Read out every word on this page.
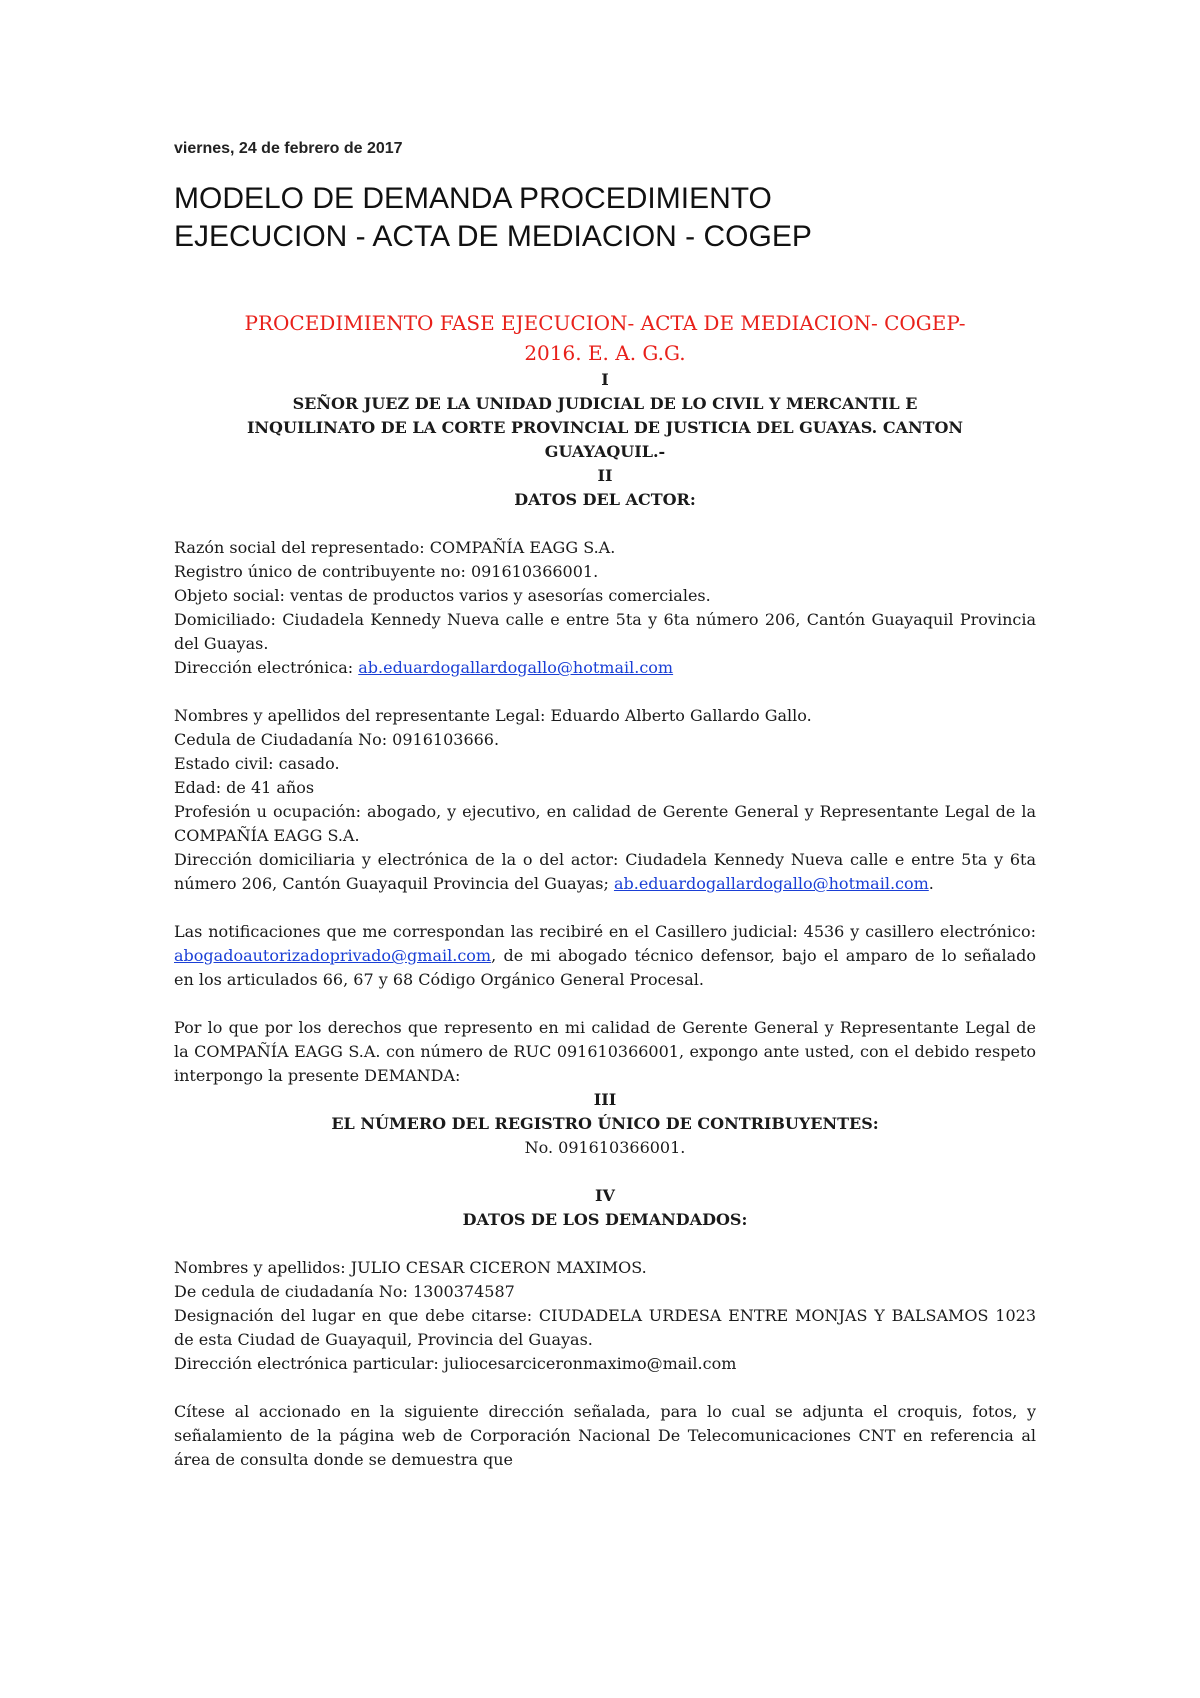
viernes, 24 de febrero de 2017
MODELO DE DEMANDA PROCEDIMIENTO
EJECUCION - ACTA DE MEDIACION - COGEP

PROCEDIMIENTO FASE EJECUCION- ACTA DE MEDIACION- COGEP-

2016. E. A. G.G.

I

SEÑOR JUEZ DE LA UNIDAD JUDICIAL DE LO CIVIL Y MERCANTIL E

INQUILINATO DE LA CORTE PROVINCIAL DE JUSTICIA DEL GUAYAS. CANTON

GUAYAQUIL.-

II

DATOS DEL ACTOR:

Razón social del representado: COMPAÑÍA EAGG S.A.

Registro único de contribuyente no: 091610366001.

Objeto social: ventas de productos varios y asesorías comerciales.

Domiciliado: Ciudadela Kennedy Nueva calle e entre 5ta y 6ta número 206, Cantón Guayaquil Provincia del Guayas.

Dirección electrónica: ab.eduardogallardogallo@hotmail.com

Nombres y apellidos del representante Legal: Eduardo Alberto Gallardo Gallo.

Cedula de Ciudadanía No: 0916103666.

Estado civil: casado.

Edad: de 41 años

Profesión u ocupación: abogado, y ejecutivo, en calidad de Gerente General y Representante Legal de la COMPAÑÍA EAGG S.A.

Dirección domiciliaria y electrónica de la o del actor: Ciudadela Kennedy Nueva calle e entre 5ta y 6ta número 206, Cantón Guayaquil Provincia del Guayas; ab.eduardogallardogallo@hotmail.com.

Las notificaciones que me correspondan las recibiré en el Casillero judicial: 4536 y casillero electrónico: abogadoautorizadoprivado@gmail.com, de mi abogado técnico defensor, bajo el amparo de lo señalado en los articulados 66, 67 y 68 Código Orgánico General Procesal.

Por lo que por los derechos que represento en mi calidad de Gerente General y Representante Legal de la COMPAÑÍA EAGG S.A. con número de RUC 091610366001, expongo ante usted, con el debido respeto interpongo la presente DEMANDA:

III

EL NÚMERO DEL REGISTRO ÚNICO DE CONTRIBUYENTES:

No. 091610366001.

IV

DATOS DE LOS DEMANDADOS:

Nombres y apellidos: JULIO CESAR CICERON MAXIMOS.

De cedula de ciudadanía No: 1300374587

Designación del lugar en que debe citarse: CIUDADELA URDESA ENTRE MONJAS Y BALSAMOS 1023 de esta Ciudad de Guayaquil, Provincia del Guayas.

Dirección electrónica particular: juliocesarciceronmaximo@mail.com

Cítese al accionado en la siguiente dirección señalada, para lo cual se adjunta el croquis, fotos, y señalamiento de la página web de Corporación Nacional De Telecomunicaciones CNT en referencia al área de consulta donde se demuestra que
